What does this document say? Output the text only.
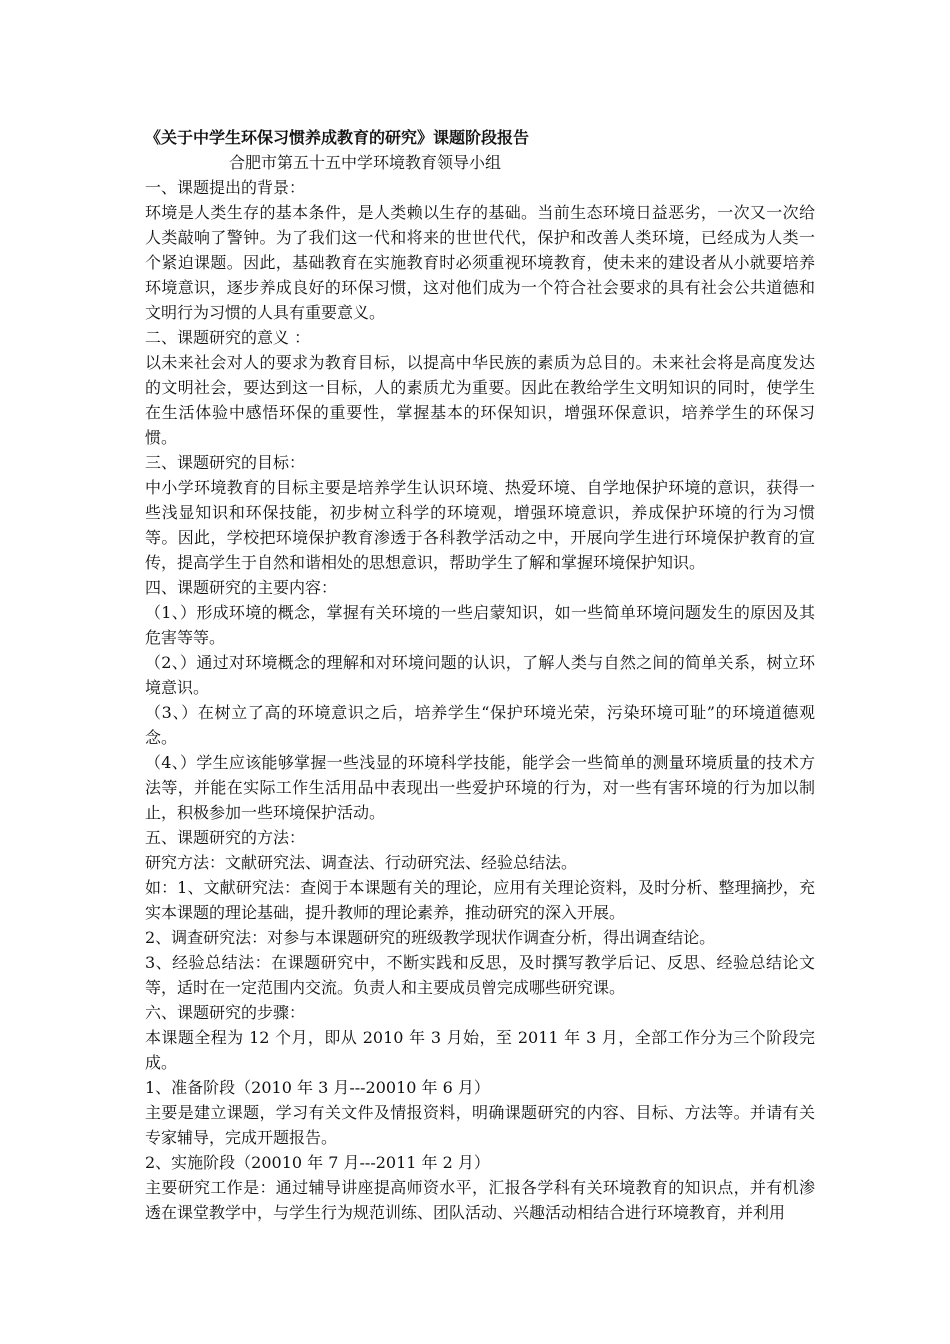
《关于中学生环保习惯养成教育的研究》课题阶段报告

合肥市第五十五中学环境教育领导小组

一、课题提出的背景：

环境是人类生存的基本条件，是人类赖以生存的基础。当前生态环境日益恶劣，一次又一次给人类敲响了警钟。为了我们这一代和将来的世世代代，保护和改善人类环境，已经成为人类一个紧迫课题。因此，基础教育在实施教育时必须重视环境教育，使未来的建设者从小就要培养环境意识，逐步养成良好的环保习惯，这对他们成为一个符合社会要求的具有社会公共道德和文明行为习惯的人具有重要意义。

二、课题研究的意义 ：

以未来社会对人的要求为教育目标，以提高中华民族的素质为总目的。未来社会将是高度发达的文明社会，要达到这一目标，人的素质尤为重要。因此在教给学生文明知识的同时，使学生在生活体验中感悟环保的重要性，掌握基本的环保知识，增强环保意识，培养学生的环保习惯。

三、课题研究的目标：

中小学环境教育的目标主要是培养学生认识环境、热爱环境、自学地保护环境的意识，获得一些浅显知识和环保技能，初步树立科学的环境观，增强环境意识，养成保护环境的行为习惯等。因此，学校把环境保护教育渗透于各科教学活动之中，开展向学生进行环境保护教育的宣传，提高学生于自然和谐相处的思想意识，帮助学生了解和掌握环境保护知识。

四、课题研究的主要内容：

（1、）形成环境的概念，掌握有关环境的一些启蒙知识，如一些简单环境问题发生的原因及其危害等等。

（2、）通过对环境概念的理解和对环境问题的认识，了解人类与自然之间的简单关系，树立环境意识。

（3、）在树立了高的环境意识之后，培养学生“保护环境光荣，污染环境可耻”的环境道德观念。

（4、）学生应该能够掌握一些浅显的环境科学技能，能学会一些简单的测量环境质量的技术方法等，并能在实际工作生活用品中表现出一些爱护环境的行为，对一些有害环境的行为加以制止，积极参加一些环境保护活动。

五、课题研究的方法：

研究方法：文献研究法、调查法、行动研究法、经验总结法。

如：1、文献研究法：查阅于本课题有关的理论，应用有关理论资料，及时分析、整理摘抄，充实本课题的理论基础，提升教师的理论素养，推动研究的深入开展。

2、调查研究法：对参与本课题研究的班级教学现状作调查分析，得出调查结论。

3、经验总结法：在课题研究中，不断实践和反思，及时撰写教学后记、反思、经验总结论文等，适时在一定范围内交流。负责人和主要成员曾完成哪些研究课。

六、课题研究的步骤：

本课题全程为 12 个月，即从 2010 年 3 月始，至 2011 年 3 月，全部工作分为三个阶段完成。

1、准备阶段（2010 年 3 月---20010 年 6 月）

主要是建立课题，学习有关文件及情报资料，明确课题研究的内容、目标、方法等。并请有关专家辅导，完成开题报告。

2、实施阶段（20010 年 7 月---2011 年 2 月）

主要研究工作是：通过辅导讲座提高师资水平，汇报各学科有关环境教育的知识点，并有机渗透在课堂教学中，与学生行为规范训练、团队活动、兴趣活动相结合进行环境教育，并利用
